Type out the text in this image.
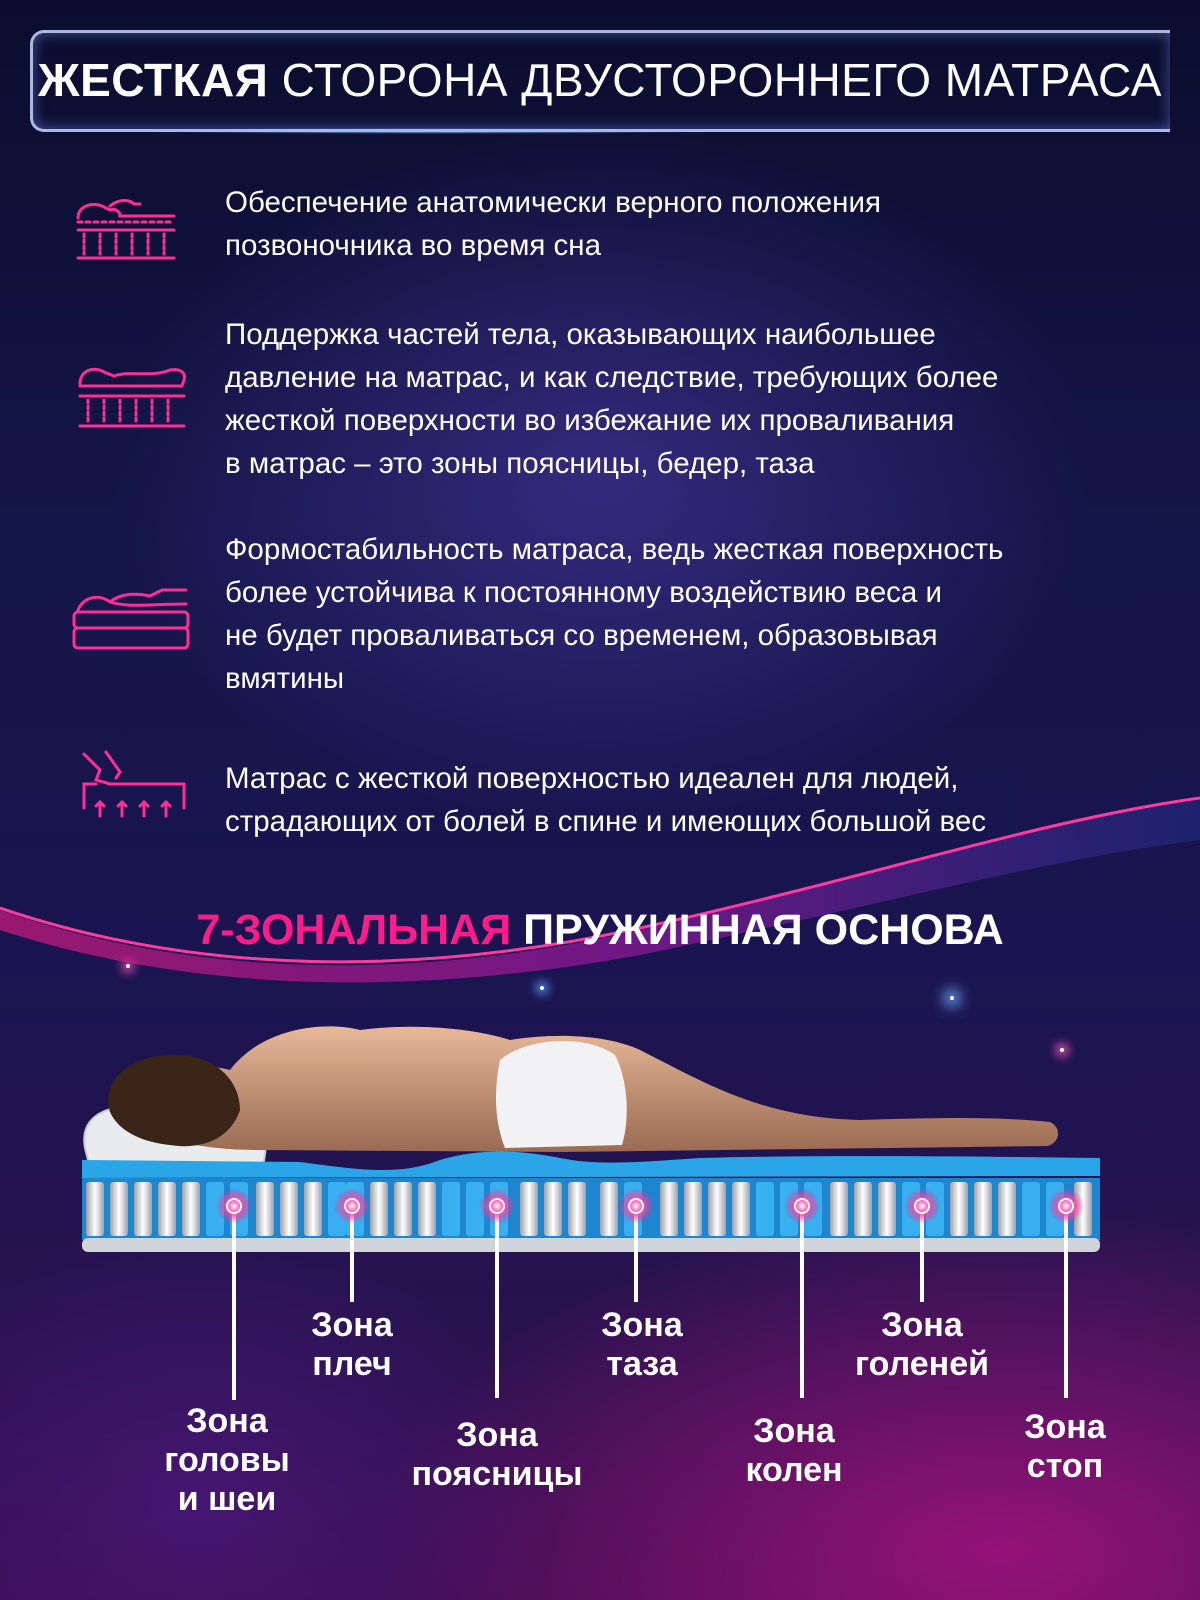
ЖЕСТКАЯ СТОРОНА ДВУСТОРОННЕГО МАТРАСА
Обеспечение анатомически верного положения
позвоночника во время сна
Поддержка частей тела, оказывающих наибольшее
давление на матрас, и как следствие, требующих более
жесткой поверхности во избежание их проваливания
в матрас – это зоны поясницы, бедер, таза
Формостабильность матраса, ведь жесткая поверхность
более устойчива к постоянному воздействию веса и
не будет проваливаться со временем, образовывая
вмятины
Матрас с жесткой поверхностью идеален для людей,
страдающих от болей в спине и имеющих большой вес
7-ЗОНАЛЬНАЯ ПРУЖИННАЯ ОСНОВА
Зона
головы
и шеи
Зона
плеч
Зона
поясницы
Зона
таза
Зона
колен
Зона
голеней
Зона
стоп
